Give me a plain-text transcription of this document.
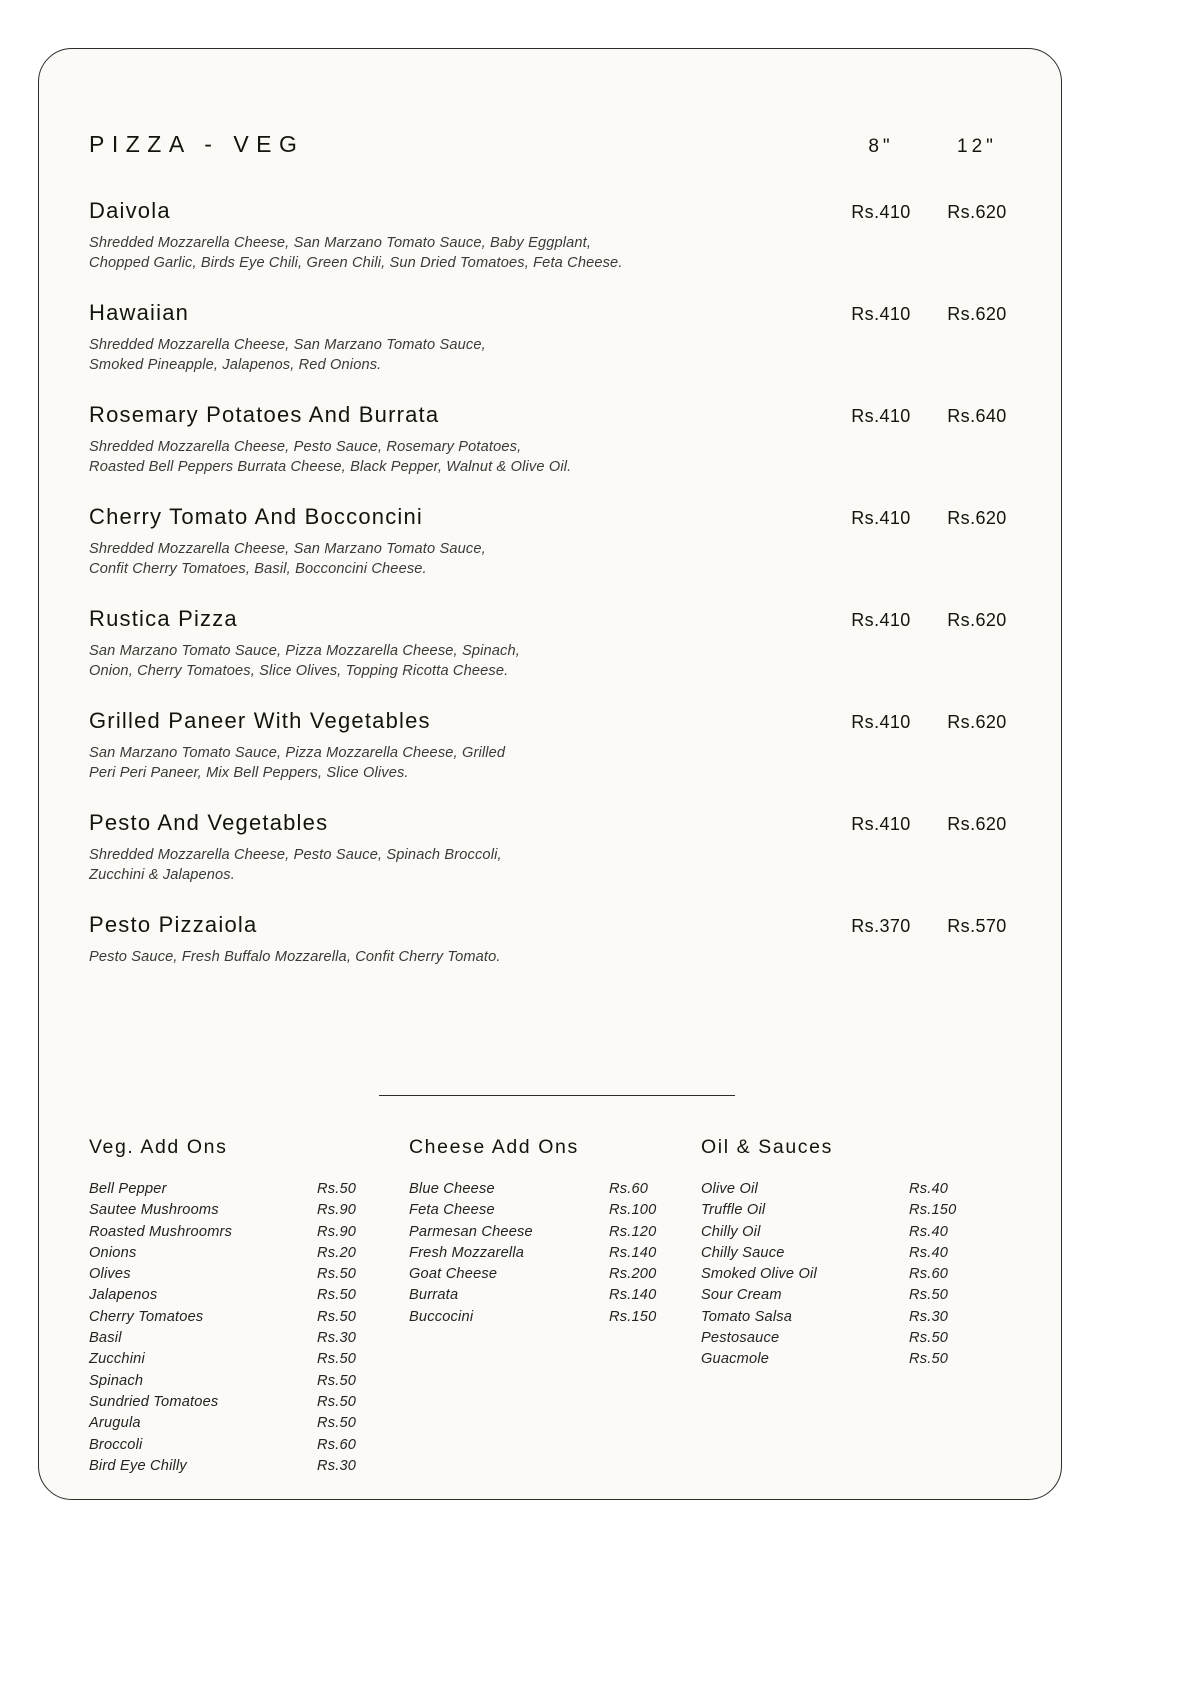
PIZZA - VEG	8"	12"
Daivola	Rs.410	Rs.620
Shredded Mozzarella Cheese, San Marzano Tomato Sauce, Baby Eggplant,
Chopped Garlic, Birds Eye Chili, Green Chili, Sun Dried Tomatoes, Feta Cheese.
Hawaiian	Rs.410	Rs.620
Shredded Mozzarella Cheese, San Marzano Tomato Sauce,
Smoked Pineapple, Jalapenos, Red Onions.
Rosemary Potatoes And Burrata	Rs.410	Rs.640
Shredded Mozzarella Cheese, Pesto Sauce, Rosemary Potatoes,
Roasted Bell Peppers Burrata Cheese, Black Pepper, Walnut & Olive Oil.
Cherry Tomato And Bocconcini	Rs.410	Rs.620
Shredded Mozzarella Cheese, San Marzano Tomato Sauce,
Confit Cherry Tomatoes, Basil, Bocconcini Cheese.
Rustica Pizza	Rs.410	Rs.620
San Marzano Tomato Sauce, Pizza Mozzarella Cheese, Spinach,
Onion, Cherry Tomatoes, Slice Olives, Topping Ricotta Cheese.
Grilled Paneer With Vegetables	Rs.410	Rs.620
San Marzano Tomato Sauce, Pizza Mozzarella Cheese, Grilled
Peri Peri Paneer, Mix Bell Peppers, Slice Olives.
Pesto And Vegetables	Rs.410	Rs.620
Shredded Mozzarella Cheese, Pesto Sauce, Spinach Broccoli,
Zucchini & Jalapenos.
Pesto Pizzaiola	Rs.370	Rs.570
Pesto Sauce, Fresh Buffalo Mozzarella, Confit Cherry Tomato.
Veg. Add Ons
Bell Pepper	Rs.50
Sautee Mushrooms	Rs.90
Roasted Mushroomrs	Rs.90
Onions	Rs.20
Olives	Rs.50
Jalapenos	Rs.50
Cherry Tomatoes	Rs.50
Basil	Rs.30
Zucchini	Rs.50
Spinach	Rs.50
Sundried Tomatoes	Rs.50
Arugula	Rs.50
Broccoli	Rs.60
Bird Eye Chilly	Rs.30
Cheese Add Ons
Blue Cheese	Rs.60
Feta Cheese	Rs.100
Parmesan Cheese	Rs.120
Fresh Mozzarella	Rs.140
Goat Cheese	Rs.200
Burrata	Rs.140
Buccocini	Rs.150
Oil & Sauces
Olive Oil	Rs.40
Truffle Oil	Rs.150
Chilly Oil	Rs.40
Chilly Sauce	Rs.40
Smoked Olive Oil	Rs.60
Sour Cream	Rs.50
Tomato Salsa	Rs.30
Pestosauce	Rs.50
Guacmole	Rs.50
